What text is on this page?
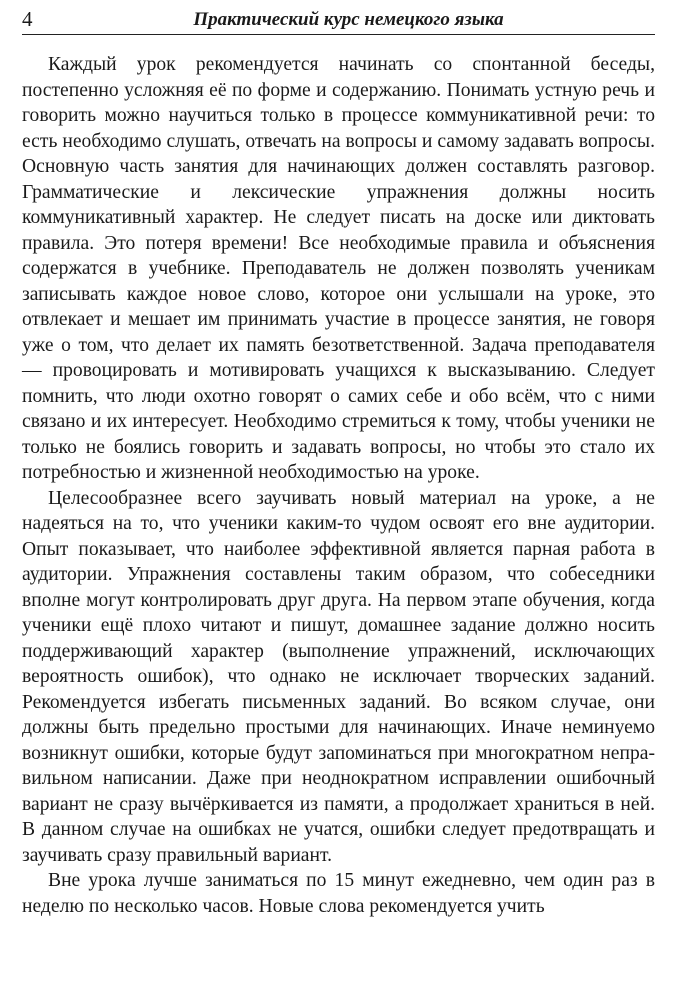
4	Практический курс немецкого языка

Каждый урок рекомендуется начинать со спонтанной беседы, постепенно усложняя её по форме и содержанию. Понимать устную речь и говорить можно научиться только в процессе коммуникативной речи: то есть необходимо слушать, отвечать на вопросы и самому задавать вопросы. Основную часть занятия для начинающих должен составлять разговор. Грамматические и лексические упражнения должны носить коммуникативный характер. Не следует писать на доске или диктовать правила. Это потеря времени! Все необходимые правила и объяснения содержатся в учебнике. Преподаватель не должен позволять ученикам записывать каждое новое слово, которое они услышали на уроке, это отвлекает и мешает им принимать участие в процессе занятия, не говоря уже о том, что делает их память безответственной. Задача преподавателя — провоцировать и мотивировать учащихся к высказыванию. Следует помнить, что люди охотно говорят о самих себе и обо всём, что с ними связано и их интересует. Необходимо стремиться к тому, чтобы ученики не только не боялись говорить и задавать вопросы, но чтобы это стало их потребностью и жизненной необходимостью на уроке.

Целесообразнее всего заучивать новый материал на уроке, а не надеяться на то, что ученики каким-то чудом освоят его вне аудитории. Опыт показывает, что наиболее эффективной является парная работа в аудитории. Упражнения составлены таким образом, что собеседники вполне могут контролировать друг друга. На первом этапе обучения, когда ученики ещё плохо читают и пишут, домашнее задание должно носить поддерживающий характер (выполнение упражнений, исключающих вероятность ошибок), что однако не исключает творческих заданий. Рекомендуется избегать письменных заданий. Во всяком случае, они должны быть предельно простыми для начинающих. Иначе неминуемо возникнут ошибки, которые будут запоминаться при многократном неправильном написании. Даже при неоднократном исправлении ошибочный вариант не сразу вычёркивается из памяти, а продолжает храниться в ней. В данном случае на ошибках не учатся, ошибки следует предотвращать и заучивать сразу правильный вариант.

Вне урока лучше заниматься по 15 минут ежедневно, чем один раз в неделю по несколько часов. Новые слова рекомендуется учить
